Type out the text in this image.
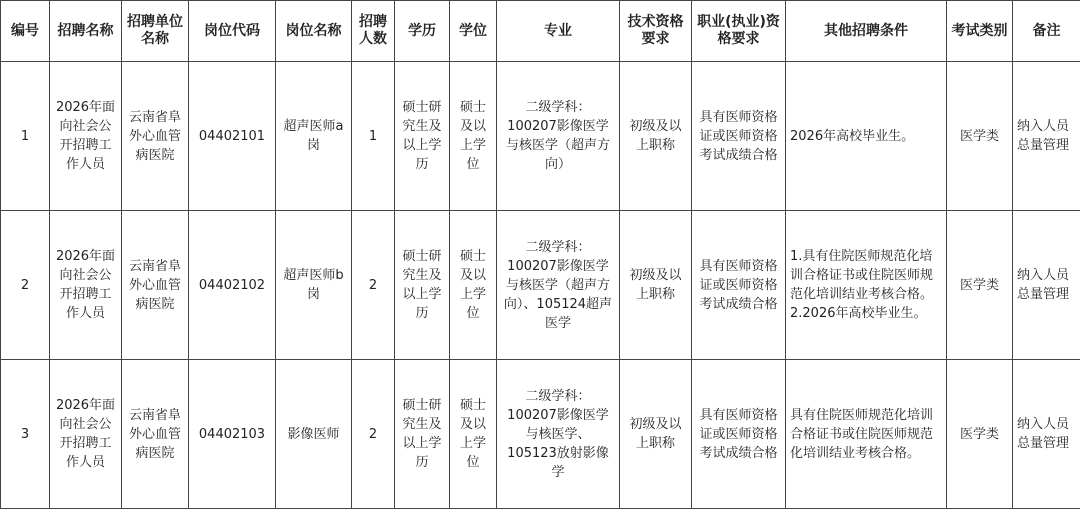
编号	招聘名称	招聘单位名称	岗位代码	岗位名称	招聘人数	学历	学位	专业	技术资格要求	职业(执业)资格要求	其他招聘条件	考试类别	备注
1	2026年面向社会公开招聘工作人员	云南省阜外心血管病医院	04402101	超声医师a岗	1	硕士研究生及以上学历	硕士及以上学位	二级学科：100207影像医学与核医学（超声方向）	初级及以上职称	具有医师资格证或医师资格考试成绩合格	2026年高校毕业生。	医学类	纳入人员总量管理
2	2026年面向社会公开招聘工作人员	云南省阜外心血管病医院	04402102	超声医师b岗	2	硕士研究生及以上学历	硕士及以上学位	二级学科：100207影像医学与核医学（超声方向）、105124超声医学	初级及以上职称	具有医师资格证或医师资格考试成绩合格	1.具有住院医师规范化培训合格证书或住院医师规范化培训结业考核合格。 2.2026年高校毕业生。	医学类	纳入人员总量管理
3	2026年面向社会公开招聘工作人员	云南省阜外心血管病医院	04402103	影像医师	2	硕士研究生及以上学历	硕士及以上学位	二级学科：100207影像医学与核医学、105123放射影像学	初级及以上职称	具有医师资格证或医师资格考试成绩合格	具有住院医师规范化培训合格证书或住院医师规范化培训结业考核合格。	医学类	纳入人员总量管理
